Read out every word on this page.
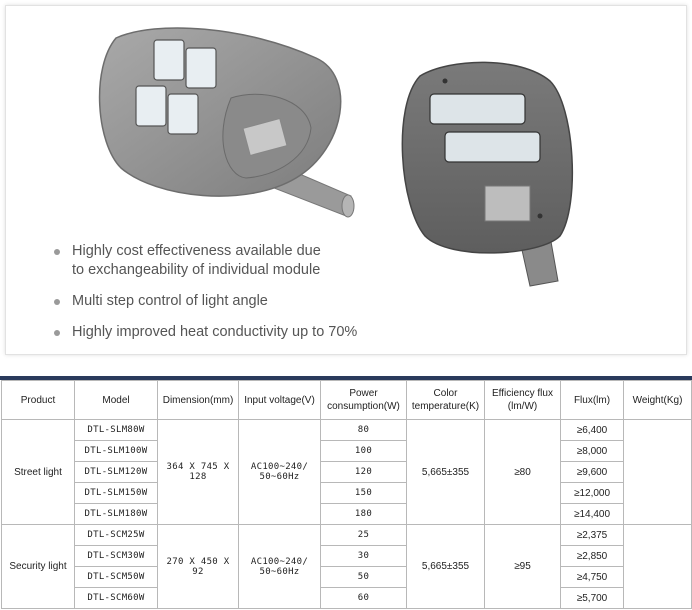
Highly cost effectiveness available due
to exchangeability of individual module
Multi step control of light angle
Highly improved heat conductivity up to 70%
Product	Model	Dimension(mm)	Input voltage(V)	Power consumption(W)	Color temperature(K)	Efficiency flux (lm/W)	Flux(lm)	Weight(Kg)
Street light	DTL-SLM80W	364 X 745 X 128	AC100~240/ 50~60Hz	80	5,665±355	≥80	≥6,400	
	DTL-SLM100W			100			≥8,000	
	DTL-SLM120W			120			≥9,600	
	DTL-SLM150W			150			≥12,000	
	DTL-SLM180W			180			≥14,400	
Security light	DTL-SCM25W	270 X 450 X 92	AC100~240/ 50~60Hz	25	5,665±355	≥95	≥2,375	
	DTL-SCM30W			30			≥2,850	
	DTL-SCM50W			50			≥4,750	
	DTL-SCM60W			60			≥5,700	
